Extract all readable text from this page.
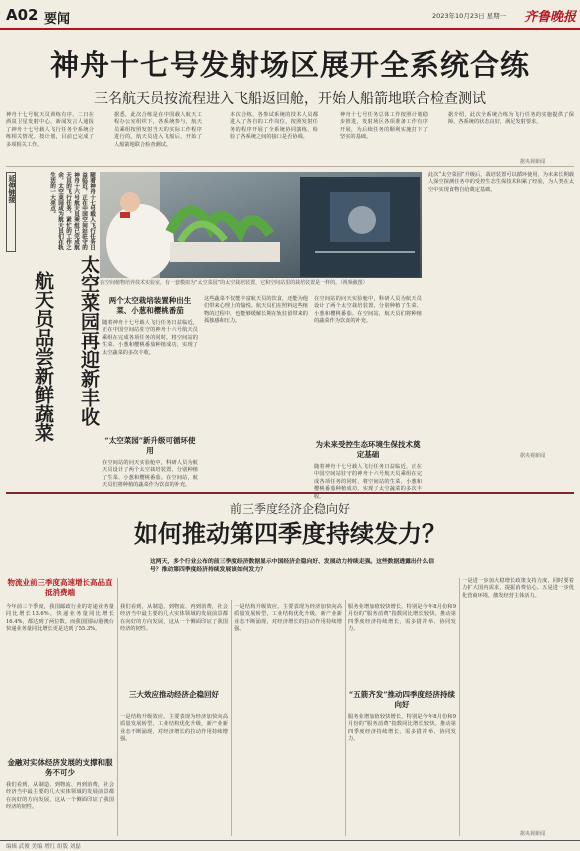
A02 要闻	2023年10月23日 星期一 齐鲁晚报
神舟十七号发射场区展开全系统合练
三名航天员按流程进入飞船返回舱，开始人船箭地联合检查测试
神舟十七号航天员训练有序，二日在酒泉卫星发射中心，新闻发言人通报了神舟十七号载人飞行任务全系统合练相关情况。按计划，目前已完成了多项相关工作。
据悉，此次合练是在中国载人航天工程办公室组织下，各系统参与，航天员乘组按照发射当天的实际工作程序进行的。航天员进入飞船后，开始了人船箭地联合检查测试。
本次合练，各参试系统的技术人员都进入了各自的工作岗位，按照发射任务的程序开展了全系统协同演练，检验了各系统之间的接口是否协调。
神舟十七号任务总体工作按照计划稳步推进，发射场区各项准备工作有序开展，为后续任务的顺利实施打下了坚实的基础。
据介绍，此次全系统合练为飞行任务的实施提供了保障，各系统的状态良好，满足发射要求。
据央视新闻
延伸链接	随着神舟十七号载人飞行任务日益临近，正在中国空间站驻守的神舟十六号航天员乘组已完成航天员的飞行任务，紧忙的工作之余，太空菜园成为航天员们在轨生活的一大亮点。
航天员品尝新鲜蔬菜	太空菜园再迎新丰收 在空间植物培养技术实验室，有一套模拟为“太空菜园”的太空栽培装置，它和空间站里的栽培装置是一样的。（视频截图）
此次“太空菜园”升级后，栽培装置可以循环使用，为未来长期载人深空探测任务中的受控生态生保技术积累了经验，为人类在太空中实现食物自给奠定基础。
据央视新闻
两个太空栽培装置种出生菜、小葱和樱桃番茄
随着神舟十七号载人飞行任务日益临近，正在中国空间站驻守的神舟十六号航天员乘组在完成各项任务的同时，将空间站的生菜、小葱和樱桃番茄种植成功，实现了太空蔬菜的多次丰收。
“太空菜园”新升级可循环使用
在空间站的问天实验舱中，科研人员为航天员设计了两个太空栽培装置，分别种植了生菜、小葱和樱桃番茄。在空间站，航天员们将种植的蔬菜作为饮食的补充。
这些蔬菜不仅能丰富航天员的饮食，还能为他们带来心理上的愉悦。航天员们在照料这些植物的过程中，也能够缓解长期在轨驻留带来的孤独感和压力。
在空间站的问天实验舱中，科研人员为航天员设计了两个太空栽培装置，分别种植了生菜、小葱和樱桃番茄。在空间站，航天员们将种植的蔬菜作为饮食的补充。
为未来受控生态环境生保技术奠定基础
随着神舟十七号载人飞行任务日益临近，正在中国空间站驻守的神舟十六号航天员乘组在完成各项任务的同时，将空间站的生菜、小葱和樱桃番茄种植成功，实现了太空蔬菜的多次丰收。
前三季度经济企稳向好
如何推动第四季度持续发力？
这两天，多个行业公布的前三季度经济数据显示中国经济企稳向好、发展动力持续走强。这些数据透露出什么信号？推动第四季度经济持续发展该如何发力？
物流业前三季度高速增长高品直抵消费端
今年前三个季度，我国邮政行业的寄递业务量同比增长13.6%，快递业务量同比增长16.4%，都达到了两位数。而我国国际/港澳台快递业务量同比增长更是达到了55.3%。
金融对实体经济发展的支撑和服务不可少
我们看到，从制造、到物流、再到消费，社会经济当中最主要的几大实体领域的发展前景都在向好的方向发展，这从一个侧面印证了我国经济的韧性。
我们看到，从制造、到物流、再到消费，社会经济当中最主要的几大实体领域的发展前景都在向好的方向发展，这从一个侧面印证了我国经济的韧性。
三大效应推动经济企稳回好
一是结构升级效应。主要表现为经济加快向高质量发展转型，工业结构优化升级，新产业新业态不断涌现，对经济增长的拉动作用持续增强。
一是结构升级效应。主要表现为经济加快向高质量发展转型，工业结构优化升级，新产业新业态不断涌现，对经济增长的拉动作用持续增强。
服务业增加值较快增长，特别是今年8月份和9月份的“服务消费”指数同比增长较快。推动第四季度经济持续增长，需多措并举、协同发力。
“五箭齐发”推动四季度经济持续向好
服务业增加值较快增长，特别是今年8月份和9月份的“服务消费”指数同比增长较快。推动第四季度经济持续增长，需多措并举、协同发力。
一是进一步加大稳增长政策支持力度，同时要着力扩大国内需求，提振消费信心。五是进一步优化营商环境，激发经营主体活力。
据央视新闻
编辑 武俊 美编 增红 组版 刘磊
